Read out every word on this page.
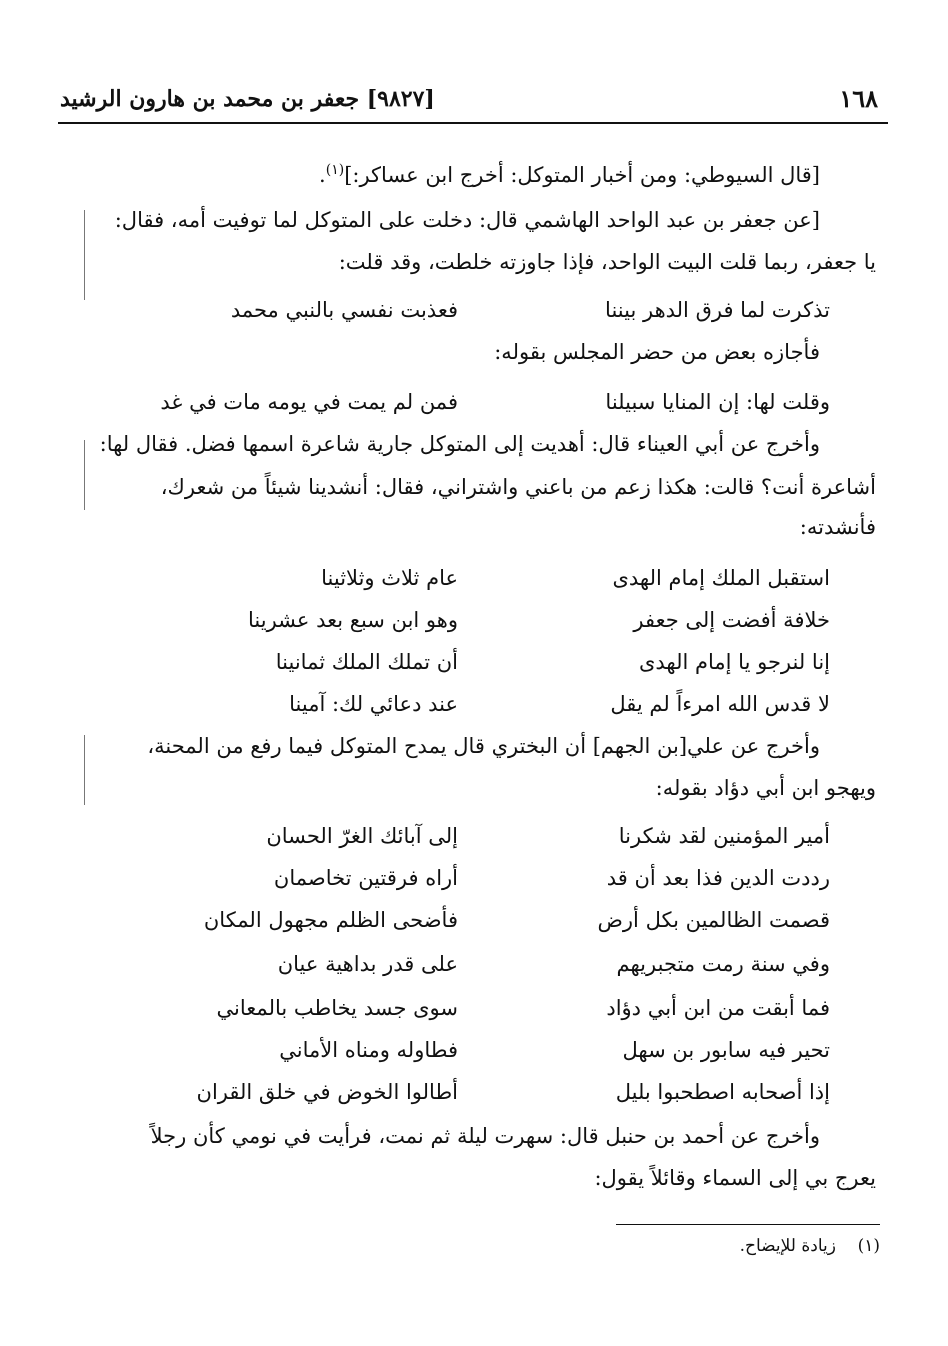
١٦٨
[٩٨٢٧] جعفر بن محمد بن هارون الرشيد
[قال السيوطي: ومن أخبار المتوكل: أخرج ابن عساكر:]$^{(١)}$.
[عن جعفر بن عبد الواحد الهاشمي قال: دخلت على المتوكل لما توفيت أمه، فقال:
يا جعفر، ربما قلت البيت الواحد، فإذا جاوزته خلطت، وقد قلت:
تذكرت لما فرق الدهر بيننا
فعذبت نفسي بالنبي محمد
فأجازه بعض من حضر المجلس بقوله:
وقلت لها: إن المنايا سبيلنا
فمن لم يمت في يومه مات في غد
وأخرج عن أبي العيناء قال: أهديت إلى المتوكل جارية شاعرة اسمها فضل. فقال لها:
أشاعرة أنت؟ قالت: هكذا زعم من باعني واشتراني، فقال: أنشدينا شيئاً من شعرك،
فأنشدته:
استقبل الملك إمام الهدى
عام ثلاث وثلاثينا
خلافة أفضت إلى جعفر
وهو ابن سبع بعد عشرينا
إنا لنرجو يا إمام الهدى
أن تملك الملك ثمانينا
لا قدس الله امرءاً لم يقل
عند دعائي لك: آمينا
وأخرج عن علي[بن الجهم] أن البختري قال يمدح المتوكل فيما رفع من المحنة،
ويهجو ابن أبي دؤاد بقوله:
أمير المؤمنين لقد شكرنا
إلى آبائك الغرّ الحسان
رددت الدين فذا بعد أن قد
أراه فرقتين تخاصمان
قصمت الظالمين بكل أرض
فأضحى الظلم مجهول المكان
وفي سنة رمت متجبريهم
على قدر بداهية عيان
فما أبقت من ابن أبي دؤاد
سوى جسد يخاطب بالمعاني
تحير فيه سابور بن سهل
فطاوله ومناه الأماني
إذا أصحابه اصطحبوا بليل
أطالوا الخوض في خلق القران
وأخرج عن أحمد بن حنبل قال: سهرت ليلة ثم نمت، فرأيت في نومي كأن رجلاً
يعرج بي إلى السماء وقائلاً يقول:
(١)    زيادة للإيضاح.
